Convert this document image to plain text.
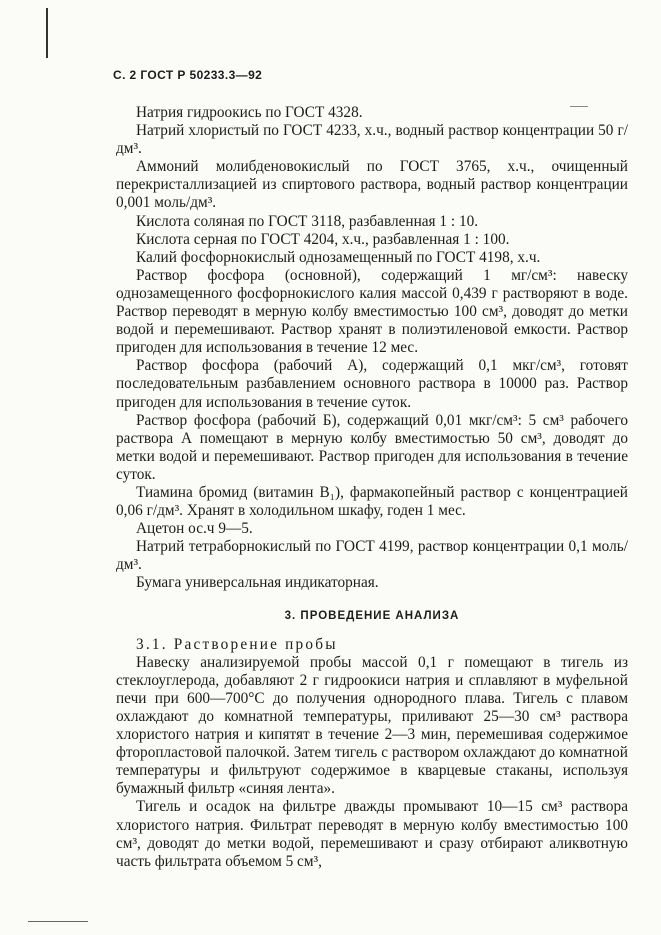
С. 2 ГОСТ Р 50233.3—92

Натрия гидроокись по ГОСТ 4328.

Натрий хлористый по ГОСТ 4233, х.ч., водный раствор концентрации 50 г/дм³.

Аммоний молибденовокислый по ГОСТ 3765, х.ч., очищенный перекристаллизацией из спиртового раствора, водный раствор концентрации 0,001 моль/дм³.

Кислота соляная по ГОСТ 3118, разбавленная 1 : 10.

Кислота серная по ГОСТ 4204, х.ч., разбавленная 1 : 100.

Калий фосфорнокислый однозамещенный по ГОСТ 4198, х.ч.

Раствор фосфора (основной), содержащий 1 мг/см³: навеску однозамещенного фосфорнокислого калия массой 0,439 г растворяют в воде. Раствор переводят в мерную колбу вместимостью 100 см³, доводят до метки водой и перемешивают. Раствор хранят в полиэтиленовой емкости. Раствор пригоден для использования в течение 12 мес.

Раствор фосфора (рабочий А), содержащий 0,1 мкг/см³, готовят последовательным разбавлением основного раствора в 10000 раз. Раствор пригоден для использования в течение суток.

Раствор фосфора (рабочий Б), содержащий 0,01 мкг/см³: 5 см³ рабочего раствора А помещают в мерную колбу вместимостью 50 см³, доводят до метки водой и перемешивают. Раствор пригоден для использования в течение суток.

Тиамина бромид (витамин В₁), фармакопейный раствор с концентрацией 0,06 г/дм³. Хранят в холодильном шкафу, годен 1 мес.

Ацетон ос.ч 9—5.

Натрий тетраборнокислый по ГОСТ 4199, раствор концентрации 0,1 моль/дм³.

Бумага универсальная индикаторная.

3. ПРОВЕДЕНИЕ АНАЛИЗА

3.1. Растворение пробы

Навеску анализируемой пробы массой 0,1 г помещают в тигель из стеклоуглерода, добавляют 2 г гидроокиси натрия и сплавляют в муфельной печи при 600—700°С до получения однородного плава. Тигель с плавом охлаждают до комнатной температуры, приливают 25—30 см³ раствора хлористого натрия и кипятят в течение 2—3 мин, перемешивая содержимое фторопластовой палочкой. Затем тигель с раствором охлаждают до комнатной температуры и фильтруют содержимое в кварцевые стаканы, используя бумажный фильтр «синяя лента».

Тигель и осадок на фильтре дважды промывают 10—15 см³ раствора хлористого натрия. Фильтрат переводят в мерную колбу вместимостью 100 см³, доводят до метки водой, перемешивают и сразу отбирают аликвотную часть фильтрата объемом 5 см³,
